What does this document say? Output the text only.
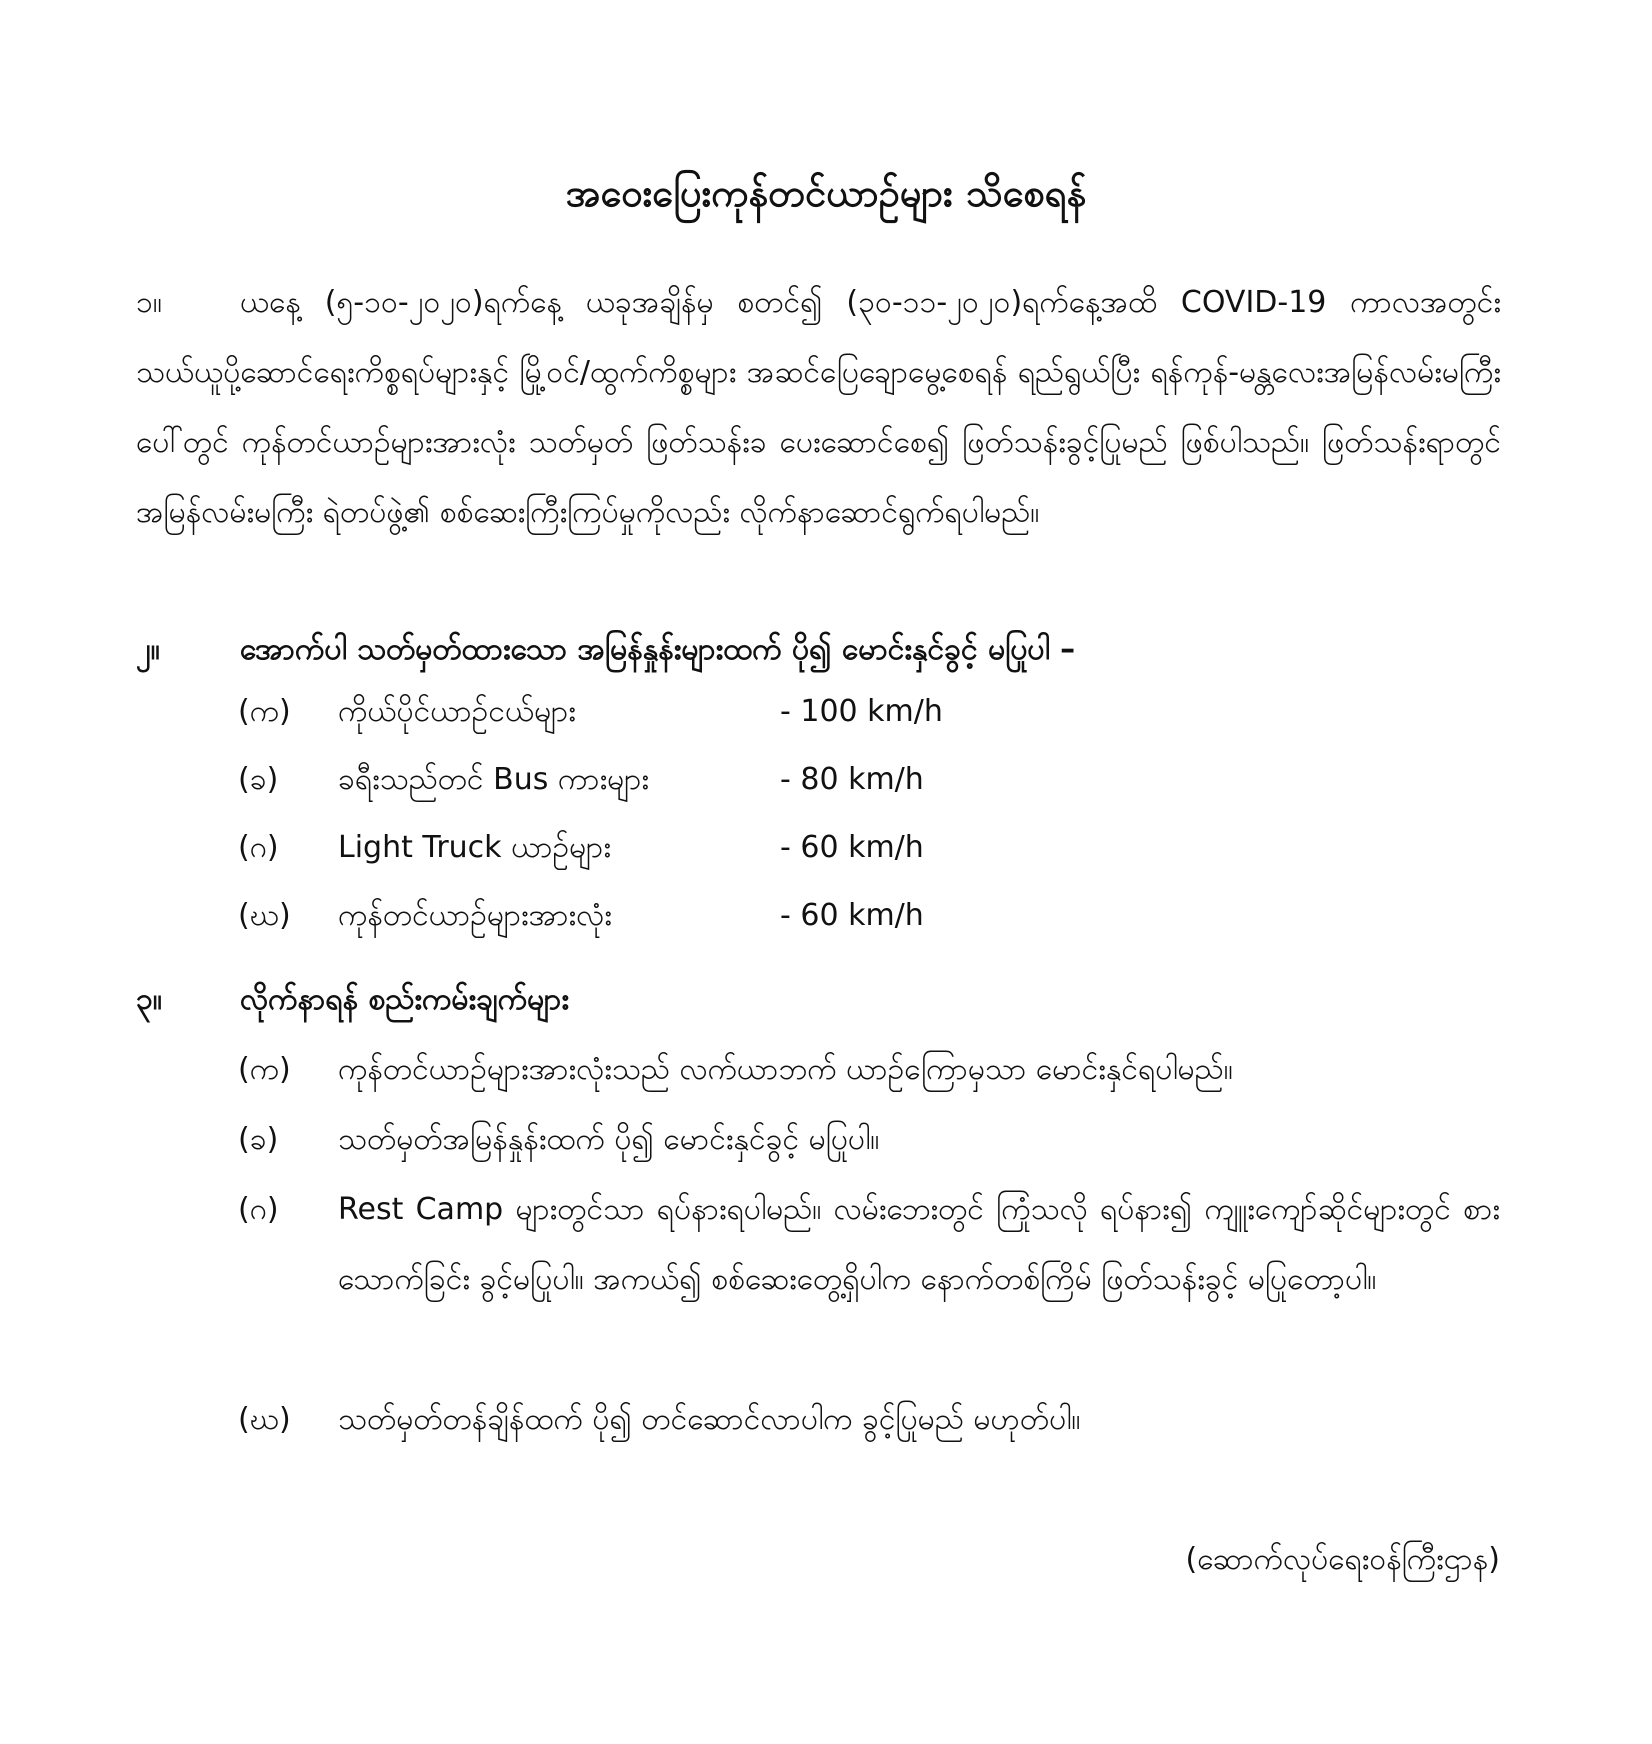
အဝေးပြေးကုန်တင်ယာဉ်များ သိစေရန်
၁။	ယနေ့ (၅-၁၀-၂၀၂၀)ရက်နေ့ ယခုအချိန်မှ စတင်၍ (၃၀-၁၁-၂၀၂၀)ရက်နေ့အထိ COVID-19 ကာလအတွင်း သယ်ယူပို့ဆောင်ရေးကိစ္စရပ်များနှင့် မြို့ဝင်/ထွက်ကိစ္စများ အဆင်ပြေချောမွေ့စေရန် ရည်ရွယ်ပြီး ရန်ကုန်-မန္တလေးအမြန်လမ်းမကြီးပေါ်တွင် ကုန်တင်ယာဉ်များအားလုံး သတ်မှတ် ဖြတ်သန်းခ ပေးဆောင်စေ၍ ဖြတ်သန်းခွင့်ပြုမည် ဖြစ်ပါသည်။ ဖြတ်သန်းရာတွင် အမြန်လမ်းမကြီး ရဲတပ်ဖွဲ့၏ စစ်ဆေးကြီးကြပ်မှုကိုလည်း လိုက်နာဆောင်ရွက်ရပါမည်။
၂။	အောက်ပါ သတ်မှတ်ထားသော အမြန်နှုန်းများထက် ပို၍ မောင်းနှင်ခွင့် မပြုပါ –
(က) ကိုယ်ပိုင်ယာဉ်ငယ်များ	- 100 km/h
(ခ) ခရီးသည်တင် Bus ကားများ	- 80 km/h
(ဂ) Light Truck ယာဉ်များ	- 60 km/h
(ဃ) ကုန်တင်ယာဉ်များအားလုံး	- 60 km/h
၃။	လိုက်နာရန် စည်းကမ်းချက်များ
(က) ကုန်တင်ယာဉ်များအားလုံးသည် လက်ယာဘက် ယာဉ်ကြောမှသာ မောင်းနှင်ရပါမည်။
(ခ) သတ်မှတ်အမြန်နှုန်းထက် ပို၍ မောင်းနှင်ခွင့် မပြုပါ။
(ဂ) Rest Camp များတွင်သာ ရပ်နားရပါမည်။ လမ်းဘေးတွင် ကြုံသလို ရပ်နား၍ ကျူးကျော်ဆိုင်များတွင် စားသောက်ခြင်း ခွင့်မပြုပါ။ အကယ်၍ စစ်ဆေးတွေ့ရှိပါက နောက်တစ်ကြိမ် ဖြတ်သန်းခွင့် မပြုတော့ပါ။
(ဃ) သတ်မှတ်တန်ချိန်ထက် ပို၍ တင်ဆောင်လာပါက ခွင့်ပြုမည် မဟုတ်ပါ။
(ဆောက်လုပ်ရေးဝန်ကြီးဌာန)
